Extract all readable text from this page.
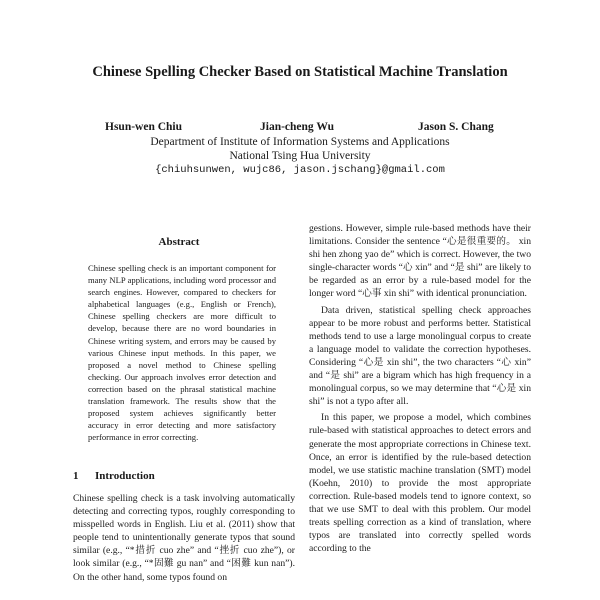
Chinese Spelling Checker Based on Statistical Machine Translation
Hsun-wen Chiu	Jian-cheng Wu	Jason S. Chang
Department of Institute of Information Systems and Applications
National Tsing Hua University
{chiuhsunwen, wujc86, jason.jschang}@gmail.com
Abstract
Chinese spelling check is an important component for many NLP applications, including word processor and search engines. However, compared to checkers for alphabetical languages (e.g., English or French), Chinese spelling checkers are more difficult to develop, because there are no word boundaries in Chinese writing system, and errors may be caused by various Chinese input methods. In this paper, we proposed a novel method to Chinese spelling checking. Our approach involves error detection and correction based on the phrasal statistical machine translation framework. The results show that the proposed system achieves significantly better accuracy in error detecting and more satisfactory performance in error correcting.
1 Introduction
Chinese spelling check is a task involving automatically detecting and correcting typos, roughly corresponding to misspelled words in English. Liu et al. (2011) show that people tend to unintentionally generate typos that sound similar (e.g., “*措折 cuo zhe” and “挫折 cuo zhe”), or look similar (e.g., “*固難 gu nan” and “困難 kun nan”). On the other hand, some typos found on

gestions. However, simple rule-based methods have their limitations. Consider the sentence “心是很重要的。 xin shi hen zhong yao de” which is correct. However, the two single-character words “心 xin” and “是 shi” are likely to be regarded as an error by a rule-based model for the longer word “心事 xin shi” with identical pronunciation.

Data driven, statistical spelling check approaches appear to be more robust and performs better. Statistical methods tend to use a large monolingual corpus to create a language model to validate the correction hypotheses. Considering “心是 xin shi”, the two characters “心 xin” and “是 shi” are a bigram which has high frequency in a monolingual corpus, so we may determine that “心是 xin shi” is not a typo after all.

In this paper, we propose a model, which combines rule-based with statistical approaches to detect errors and generate the most appropriate corrections in Chinese text. Once, an error is identified by the rule-based detection model, we use statistic machine translation (SMT) model (Koehn, 2010) to provide the most appropriate correction. Rule-based models tend to ignore context, so that we use SMT to deal with this problem. Our model treats spelling correction as a kind of translation, where typos are translated into correctly spelled words according to the
